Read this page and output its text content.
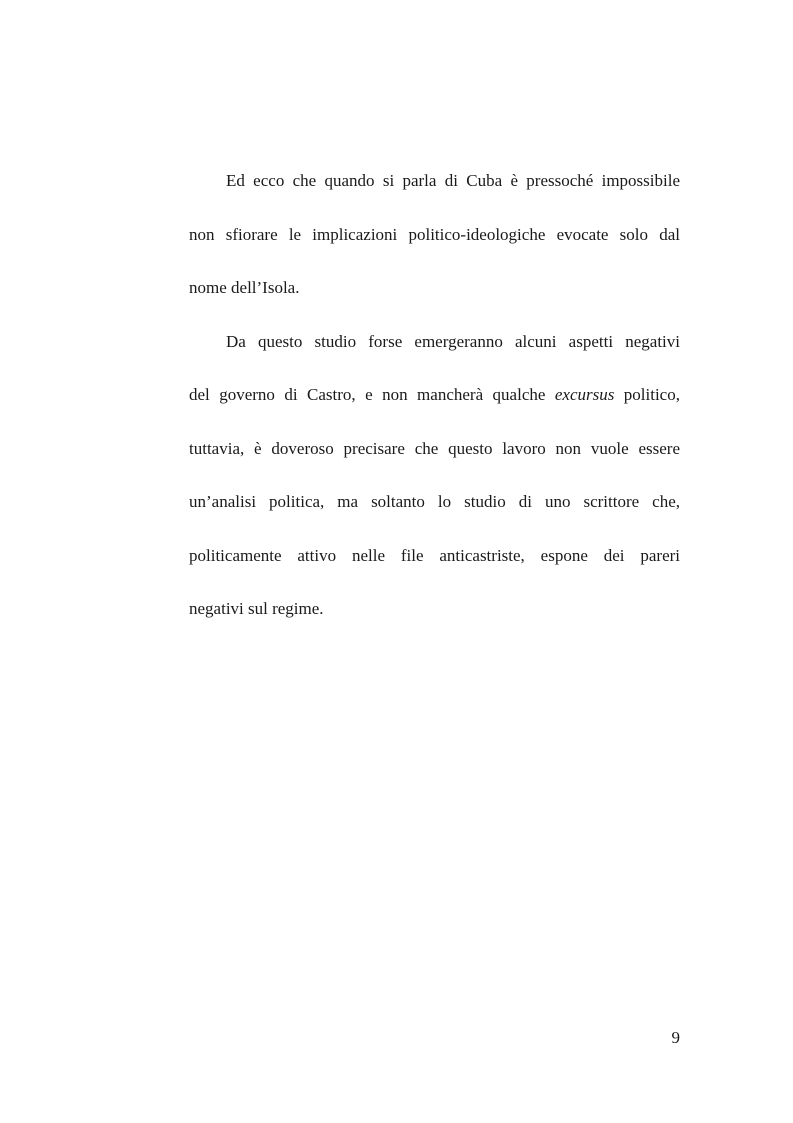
Ed ecco che quando si parla di Cuba è pressoché impossibile
non sfiorare le implicazioni politico-ideologiche evocate solo dal
nome dell’Isola.
Da questo studio forse emergeranno alcuni aspetti negativi
del governo di Castro, e non mancherà qualche excursus politico,
tuttavia, è doveroso precisare che questo lavoro non vuole essere
un’analisi politica, ma soltanto lo studio di uno scrittore che,
politicamente attivo nelle file anticastriste, espone dei pareri
negativi sul regime.
9
